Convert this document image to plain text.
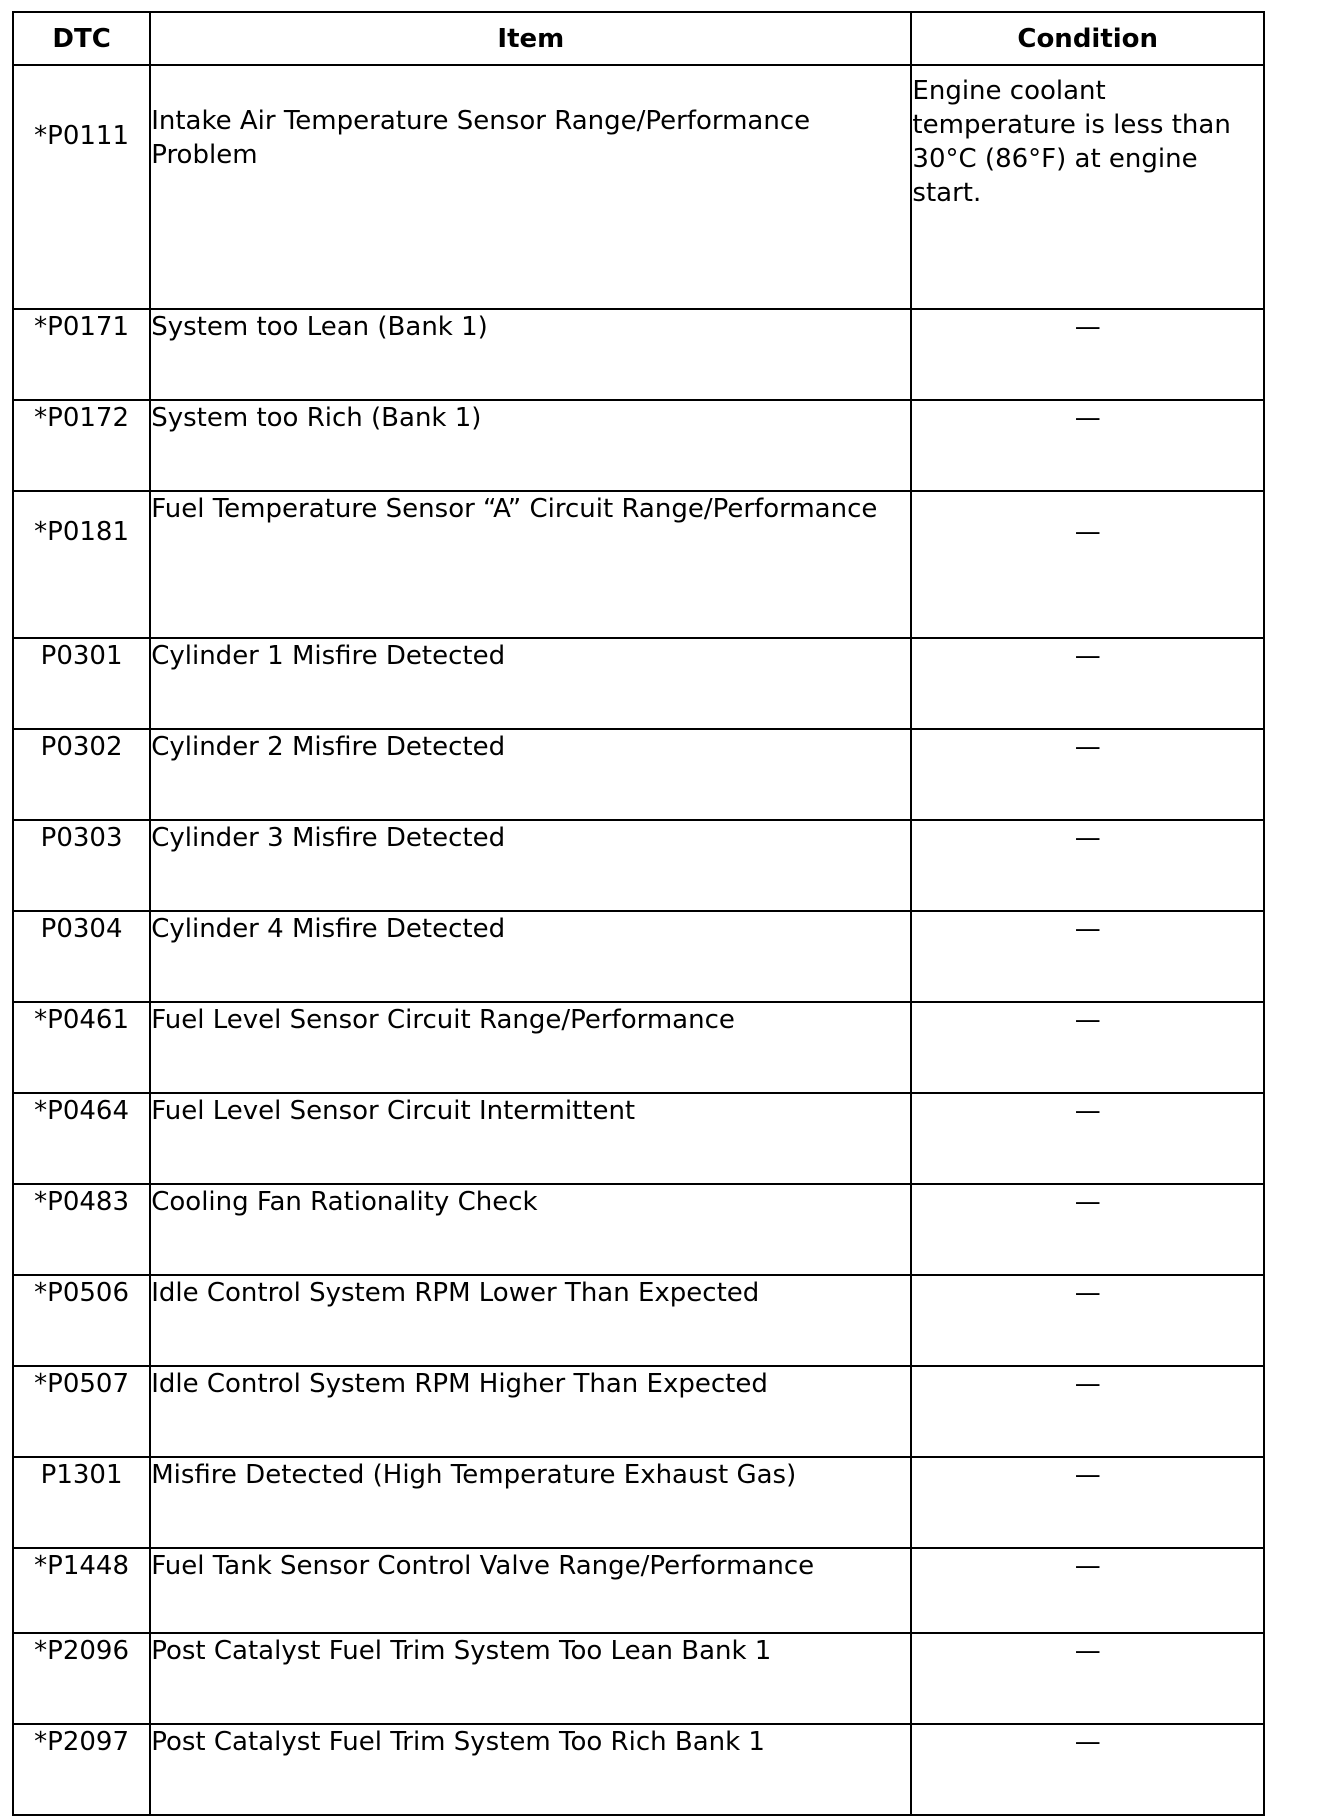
DTC	Item	Condition
*P0111	Intake Air Temperature Sensor Range/Performance Problem	Engine coolant temperature is less than 30°C (86°F) at engine start.
*P0171	System too Lean (Bank 1)	—
*P0172	System too Rich (Bank 1)	—
*P0181	Fuel Temperature Sensor “A” Circuit Range/Performance	—
P0301	Cylinder 1 Misfire Detected	—
P0302	Cylinder 2 Misfire Detected	—
P0303	Cylinder 3 Misfire Detected	—
P0304	Cylinder 4 Misfire Detected	—
*P0461	Fuel Level Sensor Circuit Range/Performance	—
*P0464	Fuel Level Sensor Circuit Intermittent	—
*P0483	Cooling Fan Rationality Check	—
*P0506	Idle Control System RPM Lower Than Expected	—
*P0507	Idle Control System RPM Higher Than Expected	—
P1301	Misfire Detected (High Temperature Exhaust Gas)	—
*P1448	Fuel Tank Sensor Control Valve Range/Performance	—
*P2096	Post Catalyst Fuel Trim System Too Lean Bank 1	—
*P2097	Post Catalyst Fuel Trim System Too Rich Bank 1	—
